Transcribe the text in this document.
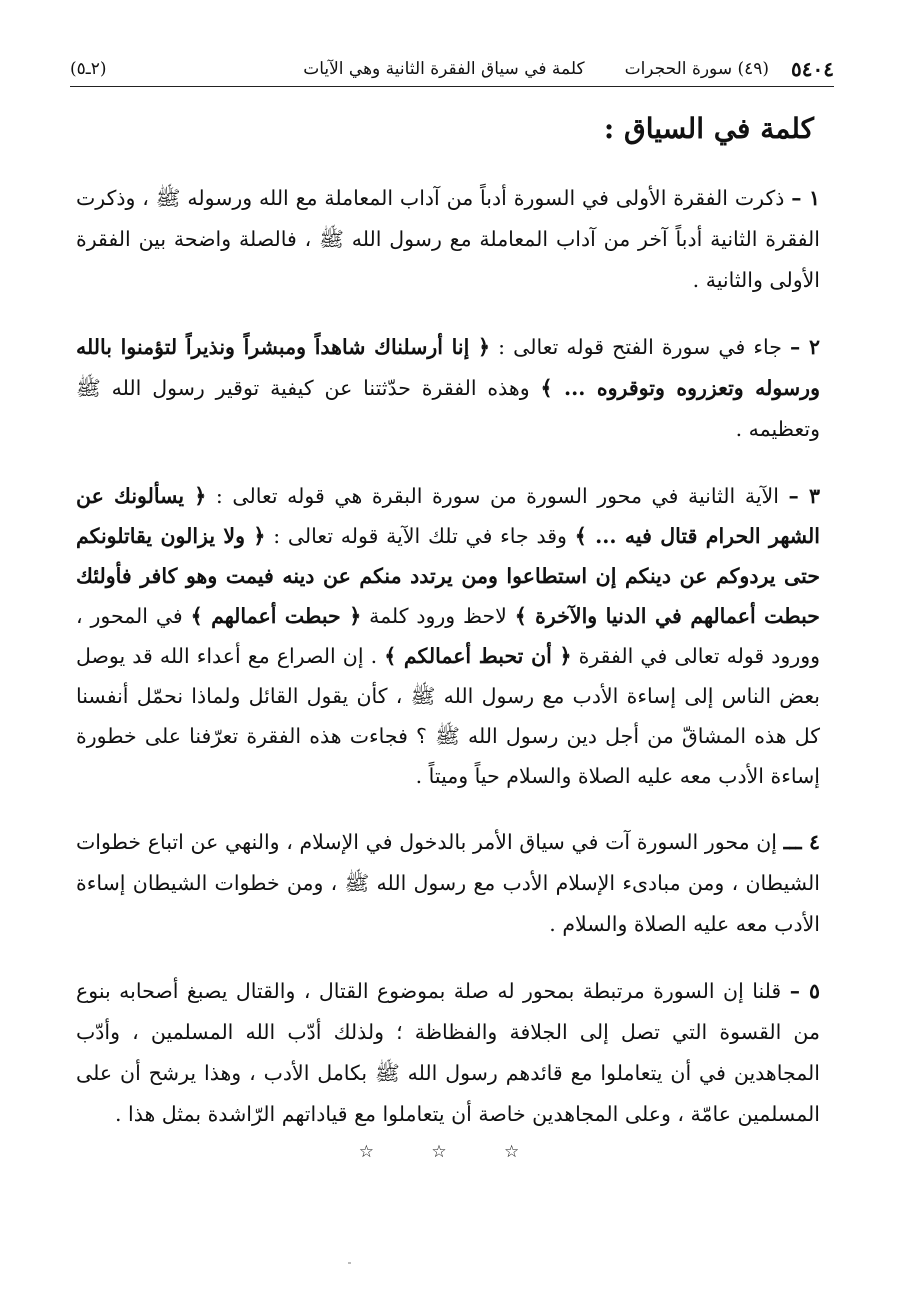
٥٤٠٤
(٤٩) سورة الحجرات
كلمة في سياق الفقرة الثانية وهي الآيات
(٢ـ٥)
كلمة في السياق :

١ – ذكرت الفقرة الأولى في السورة أدباً من آداب المعاملة مع الله ورسوله ﷺ ، وذكرت الفقرة الثانية أدباً آخر من آداب المعاملة مع رسول الله ﷺ ، فالصلة واضحة بين الفقرة الأولى والثانية .

٢ – جاء في سورة الفتح قوله تعالى : ﴿ إنا أرسلناك شاهداً ومبشراً ونذيراً لتؤمنوا بالله ورسوله وتعزروه وتوقروه ... ﴾ وهذه الفقرة حدّثتنا عن كيفية توقير رسول الله ﷺ وتعظيمه .

٣ – الآية الثانية في محور السورة من سورة البقرة هي قوله تعالى : ﴿ يسألونك عن الشهر الحرام قتال فيه ... ﴾ وقد جاء في تلك الآية قوله تعالى : ﴿ ولا يزالون يقاتلونكم حتى يردوكم عن دينكم إن استطاعوا ومن يرتدد منكم عن دينه فيمت وهو كافر فأولئك حبطت أعمالهم في الدنيا والآخرة ﴾ لاحظ ورود كلمة ﴿ حبطت أعمالهم ﴾ في المحور ، وورود قوله تعالى في الفقرة ﴿ أن تحبط أعمالكم ﴾ . إن الصراع مع أعداء الله قد يوصل بعض الناس إلى إساءة الأدب مع رسول الله ﷺ ، كأن يقول القائل ولماذا نحمّل أنفسنا كل هذه المشاقّ من أجل دين رسول الله ﷺ ؟ فجاءت هذه الفقرة تعرّفنا على خطورة إساءة الأدب معه عليه الصلاة والسلام حياً وميتاً .

٤ ـــ إن محور السورة آت في سياق الأمر بالدخول في الإسلام ، والنهي عن اتباع خطوات الشيطان ، ومن مبادىء الإسلام الأدب مع رسول الله ﷺ ، ومن خطوات الشيطان إساءة الأدب معه عليه الصلاة والسلام .

٥ – قلنا إن السورة مرتبطة بمحور له صلة بموضوع القتال ، والقتال يصبغ أصحابه بنوع من القسوة التي تصل إلى الجلافة والفظاظة ؛ ولذلك أدّب الله المسلمين ، وأدّب المجاهدين في أن يتعاملوا مع قائدهم رسول الله ﷺ بكامل الأدب ، وهذا يرشح أن على المسلمين عامّة ، وعلى المجاهدين خاصة أن يتعاملوا مع قياداتهم الرّاشدة بمثل هذا .

☆ ☆ ☆
